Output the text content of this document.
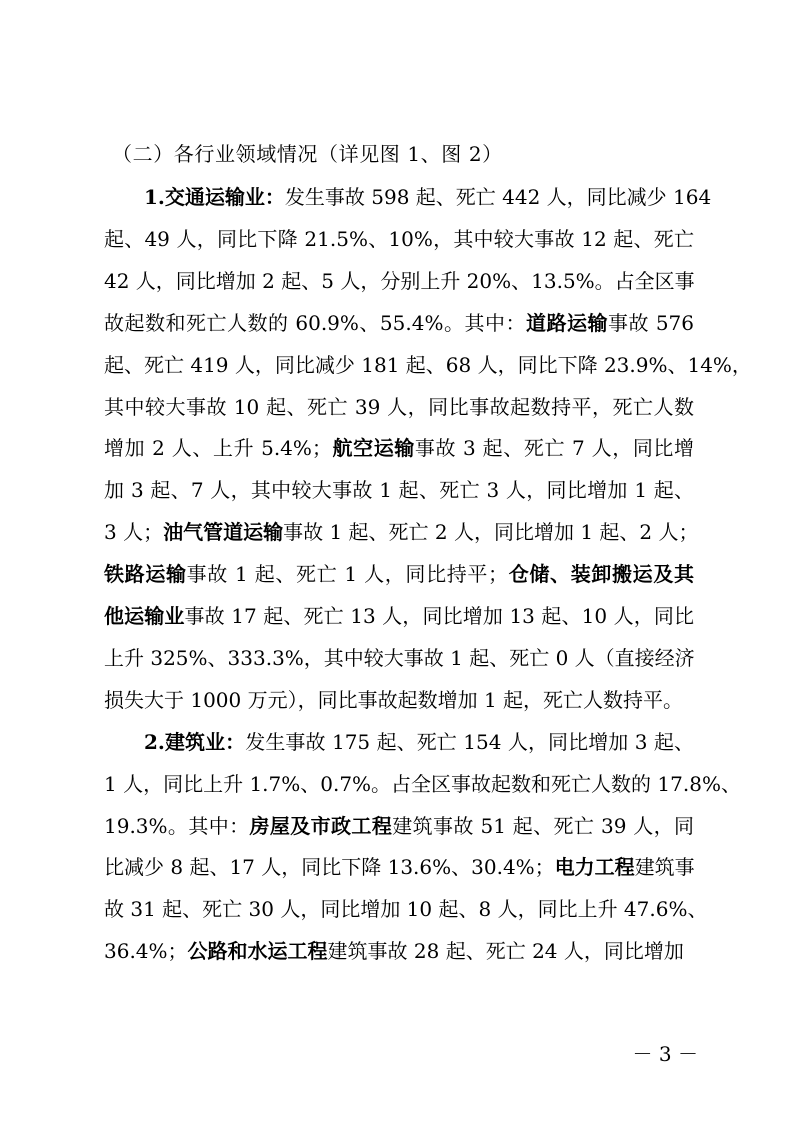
（二）各行业领域情况（详见图 1、图 2）
1.交通运输业：发生事故 598 起、死亡 442 人，同比减少 164
起、49 人，同比下降 21.5%、10%，其中较大事故 12 起、死亡
42 人，同比增加 2 起、5 人，分别上升 20%、13.5%。占全区事
故起数和死亡人数的 60.9%、55.4%。其中：道路运输事故 576
起、死亡 419 人，同比减少 181 起、68 人，同比下降 23.9%、14%，
其中较大事故 10 起、死亡 39 人，同比事故起数持平，死亡人数
增加 2 人、上升 5.4%；航空运输事故 3 起、死亡 7 人，同比增
加 3 起、7 人，其中较大事故 1 起、死亡 3 人，同比增加 1 起、
3 人；油气管道运输事故 1 起、死亡 2 人，同比增加 1 起、2 人；
铁路运输事故 1 起、死亡 1 人，同比持平；仓储、装卸搬运及其
他运输业事故 17 起、死亡 13 人，同比增加 13 起、10 人，同比
上升 325%、333.3%，其中较大事故 1 起、死亡 0 人（直接经济
损失大于 1000 万元），同比事故起数增加 1 起，死亡人数持平。
2.建筑业：发生事故 175 起、死亡 154 人，同比增加 3 起、
1 人，同比上升 1.7%、0.7%。占全区事故起数和死亡人数的 17.8%、
19.3%。其中：房屋及市政工程建筑事故 51 起、死亡 39 人，同
比减少 8 起、17 人，同比下降 13.6%、30.4%；电力工程建筑事
故 31 起、死亡 30 人，同比增加 10 起、8 人，同比上升 47.6%、
36.4%； 公路和水运工程 建筑事故 28 起、死亡 24 人，同比增加
－ 3 －
